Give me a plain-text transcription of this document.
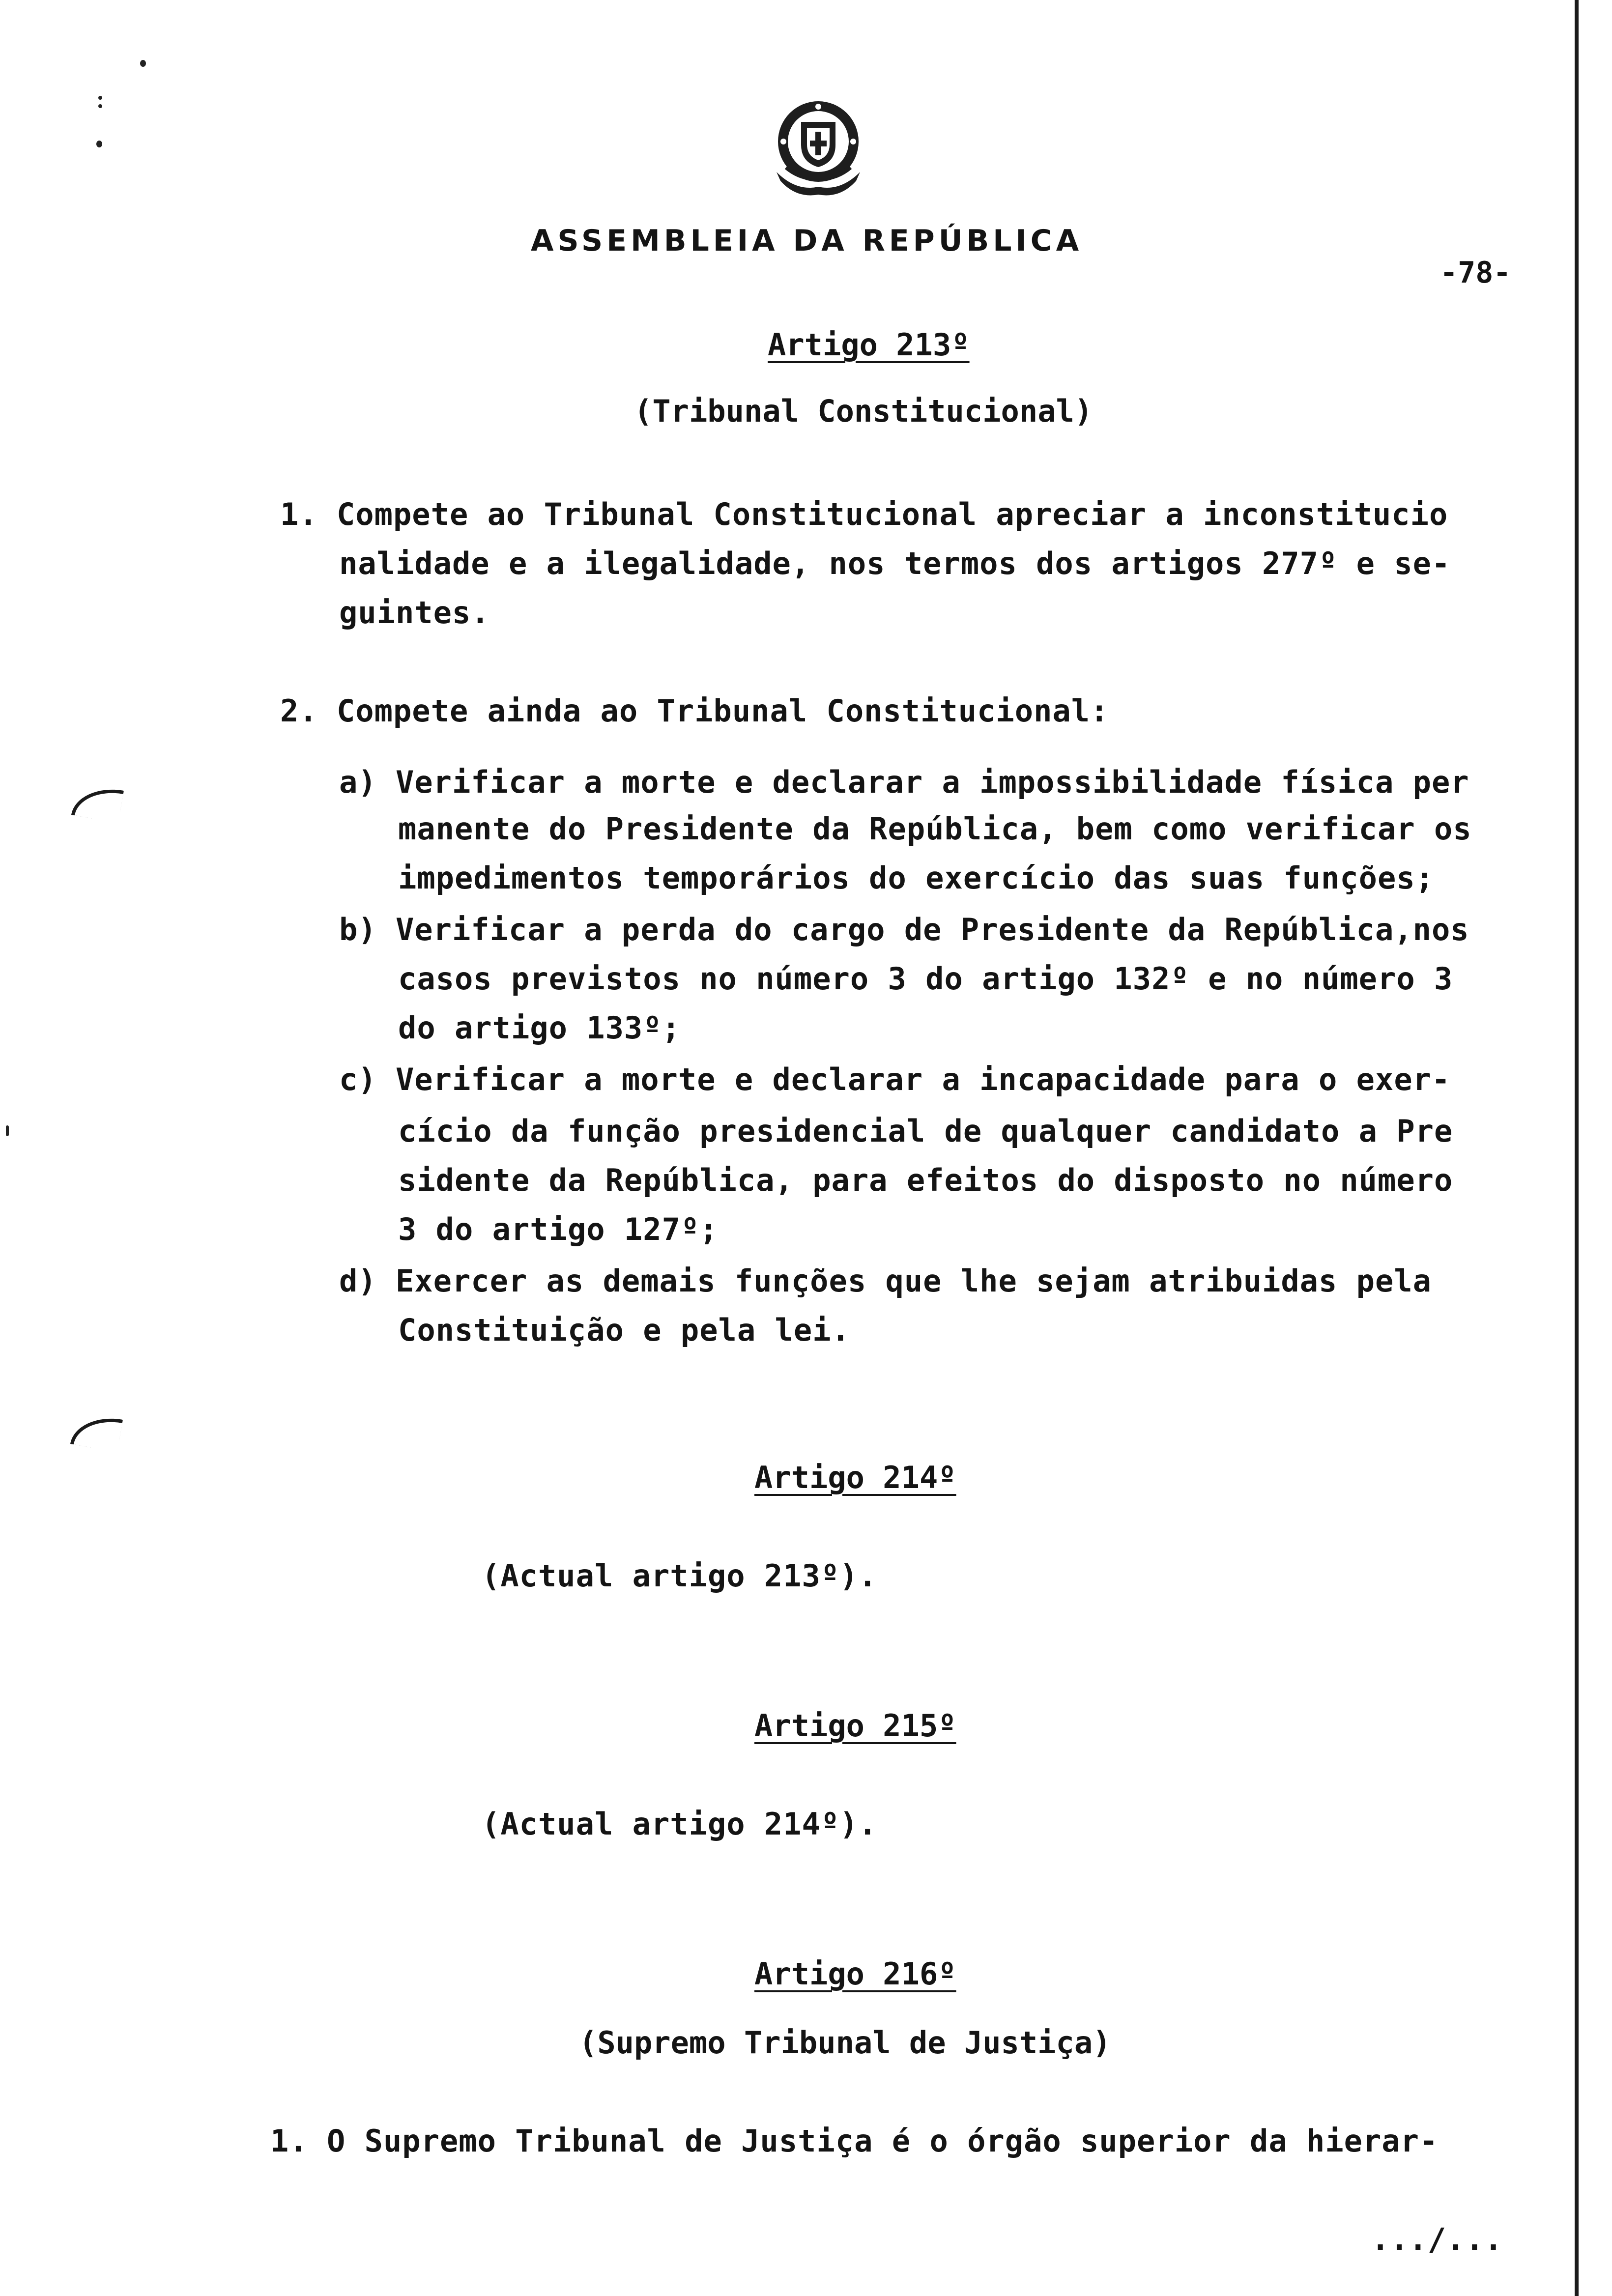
ASSEMBLEIA DA REPÚBLICA
-78-
Artigo 213º
(Tribunal Constitucional)
1. Compete ao Tribunal Constitucional apreciar a inconstitucio
nalidade e a ilegalidade, nos termos dos artigos 277º e se-
guintes.
2. Compete ainda ao Tribunal Constitucional:
a) Verificar a morte e declarar a impossibilidade física per
manente do Presidente da República, bem como verificar os
impedimentos temporários do exercício das suas funções;
b) Verificar a perda do cargo de Presidente da República,nos
casos previstos no número 3 do artigo 132º e no número 3
do artigo 133º;
c) Verificar a morte e declarar a incapacidade para o exer-
cício da função presidencial de qualquer candidato a Pre
sidente da República, para efeitos do disposto no número
3 do artigo 127º;
d) Exercer as demais funções que lhe sejam atribuidas pela
Constituição e pela lei.
Artigo 214º
(Actual artigo 213º).
Artigo 215º
(Actual artigo 214º).
Artigo 216º
(Supremo Tribunal de Justiça)
1. O Supremo Tribunal de Justiça é o órgão superior da hierar-
.../...
